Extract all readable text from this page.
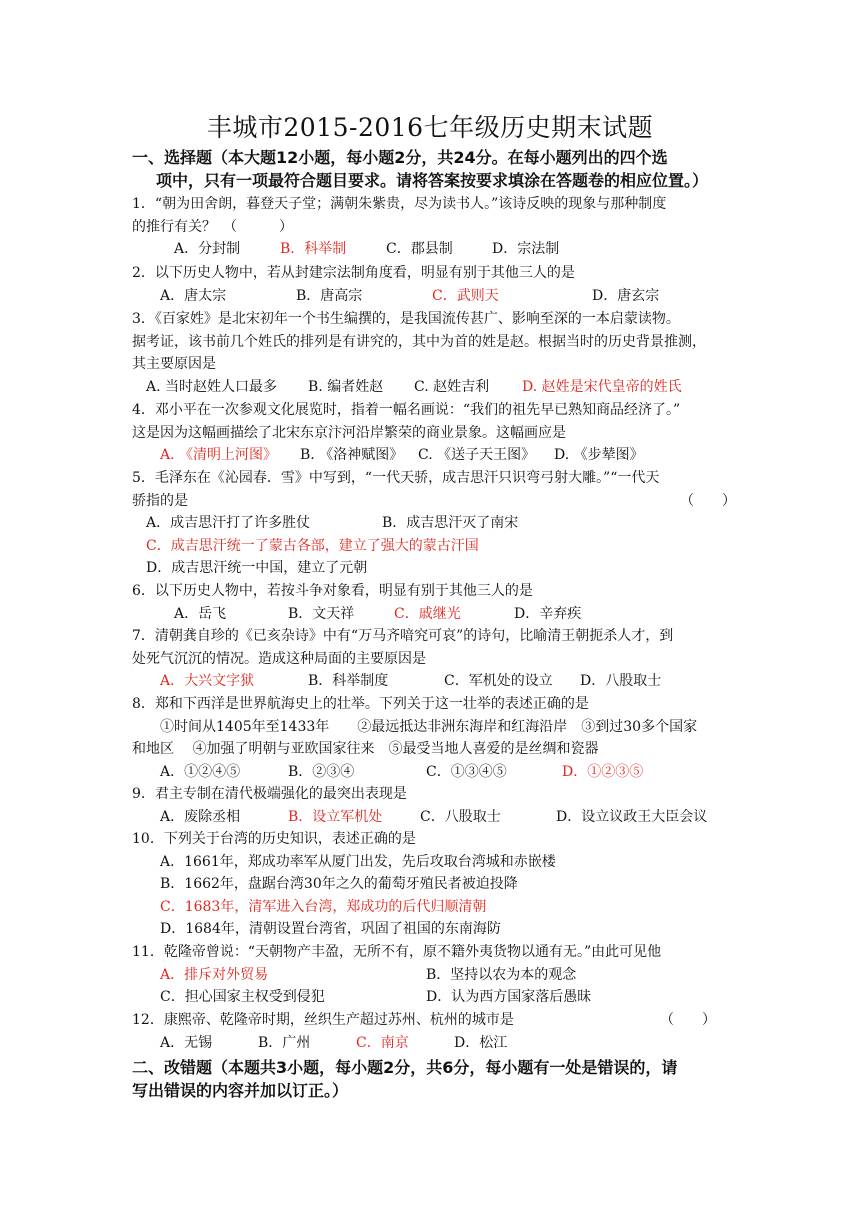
丰城市2015-2016七年级历史期末试题
一、选择题（本大题12小题，每小题2分，共24分。在每小题列出的四个选
项中，只有一项最符合题目要求。请将答案按要求填涂在答题卷的相应位置。）
1．“朝为田舍朗，暮登天子堂；满朝朱紫贵，尽为读书人。”该诗反映的现象与那种制度
的推行有关？　（　　　）
A．分封制	B．科举制	C．郡县制	D．宗法制
2．以下历史人物中，若从封建宗法制角度看，明显有别于其他三人的是
A．唐太宗	B．唐高宗	C．武则天	D．唐玄宗
3．《百家姓》是北宋初年一个书生编撰的，是我国流传甚广、影响至深的一本启蒙读物。
据考证，该书前几个姓氏的排列是有讲究的，其中为首的姓是赵。根据当时的历史背景推测，
其主要原因是
A. 当时赵姓人口最多 B. 编者姓赵 C. 赵姓吉利 D. 赵姓是宋代皇帝的姓氏
4．邓小平在一次参观文化展览时，指着一幅名画说：“我们的祖先早已熟知商品经济了。”
这是因为这幅画描绘了北宋东京汴河沿岸繁荣的商业景象。这幅画应是
A. 《清明上河图》 B. 《洛神赋图》 C. 《送子天王图》 D. 《步辇图》
5．毛泽东在《沁园春．雪》中写到，“一代天骄，成吉思汗只识弯弓射大雕。”“一代天
骄指的是	（　　）
A．成吉思汗打了许多胜仗	B．成吉思汗灭了南宋
C．成吉思汗统一了蒙古各部，建立了强大的蒙古汗国
D．成吉思汗统一中国，建立了元朝
6．以下历史人物中，若按斗争对象看，明显有别于其他三人的是
A．岳飞	B．文天祥	C．戚继光	D．辛弃疾
7．清朝龚自珍的《已亥杂诗》中有“万马齐喑究可哀”的诗句，比喻清王朝扼杀人才，到
处死气沉沉的情况。造成这种局面的主要原因是
A．大兴文字狱	B．科举制度	C．军机处的设立 D．八股取士
8．郑和下西洋是世界航海史上的壮举。下列关于这一壮举的表述正确的是
①时间从1405年至1433年　　②最远抵达非洲东海岸和红海沿岸　③到过30多个国家
和地区　 ④加强了明朝与亚欧国家往来　⑤最受当地人喜爱的是丝绸和瓷器
A．①②④⑤	B．②③④	C．①③④⑤	D．①②③⑤
9．君主专制在清代极端强化的最突出表现是
A．废除丞相	B．设立军机处	C．八股取士	D．设立议政王大臣会议
10．下列关于台湾的历史知识，表述正确的是
A．1661年，郑成功率军从厦门出发，先后攻取台湾城和赤嵌楼
B．1662年，盘踞台湾30年之久的葡萄牙殖民者被迫投降
C．1683年，清军进入台湾，郑成功的后代归顺清朝
D．1684年，清朝设置台湾省，巩固了祖国的东南海防
11．乾隆帝曾说：“天朝物产丰盈，无所不有，原不籍外夷货物以通有无。”由此可见他
A．排斥对外贸易	B．坚持以农为本的观念
C．担心国家主权受到侵犯	D．认为西方国家落后愚昧
12．康熙帝、乾隆帝时期，丝织生产超过苏州、杭州的城市是	（　　）
A．无锡	B．广州	C．南京	D．松江
二、改错题（本题共3小题，每小题2分，共6分，每小题有一处是错误的，请
写出错误的内容并加以订正。）
